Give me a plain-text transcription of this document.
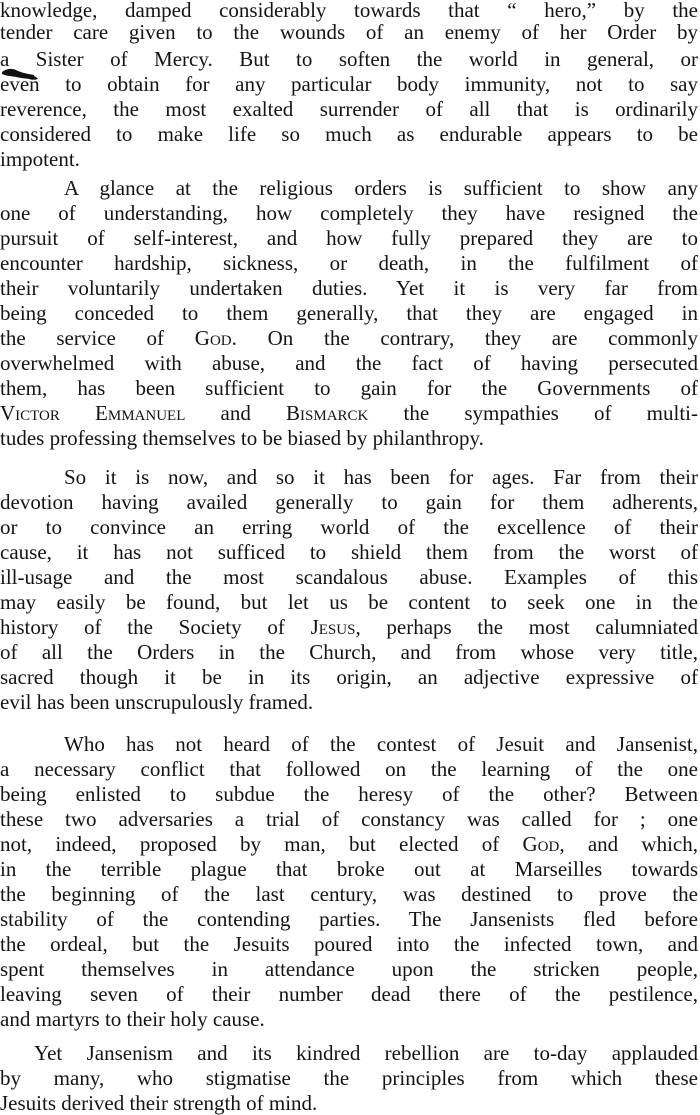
knowledge, damped considerably towards that “ hero,” by the
tender care given to the wounds of an enemy of her Order by
a Sister of Mercy. But to soften the world in general, or
even to obtain for any particular body immunity, not to say
reverence, the most exalted surrender of all that is ordinarily
considered to make life so much as endurable appears to be
impotent.
A glance at the religious orders is sufficient to show any
one of understanding, how completely they have resigned the
pursuit of self-interest, and how fully prepared they are to
encounter hardship, sickness, or death, in the fulfilment of
their voluntarily undertaken duties. Yet it is very far from
being conceded to them generally, that they are engaged in
the service of God. On the contrary, they are commonly
overwhelmed with abuse, and the fact of having persecuted
them, has been sufficient to gain for the Governments of
Victor Emmanuel and Bismarck the sympathies of multi-
tudes professing themselves to be biased by philanthropy.
So it is now, and so it has been for ages. Far from their
devotion having availed generally to gain for them adherents,
or to convince an erring world of the excellence of their
cause, it has not sufficed to shield them from the worst of
ill-usage and the most scandalous abuse. Examples of this
may easily be found, but let us be content to seek one in the
history of the Society of Jesus, perhaps the most calumniated
of all the Orders in the Church, and from whose very title,
sacred though it be in its origin, an adjective expressive of
evil has been unscrupulously framed.
Who has not heard of the contest of Jesuit and Jansenist,
a necessary conflict that followed on the learning of the one
being enlisted to subdue the heresy of the other? Between
these two adversaries a trial of constancy was called for ; one
not, indeed, proposed by man, but elected of God, and which,
in the terrible plague that broke out at Marseilles towards
the beginning of the last century, was destined to prove the
stability of the contending parties. The Jansenists fled before
the ordeal, but the Jesuits poured into the infected town, and
spent themselves in attendance upon the stricken people,
leaving seven of their number dead there of the pestilence,
and martyrs to their holy cause.
Yet Jansenism and its kindred rebellion are to-day applauded
by many, who stigmatise the principles from which these
Jesuits derived their strength of mind.
